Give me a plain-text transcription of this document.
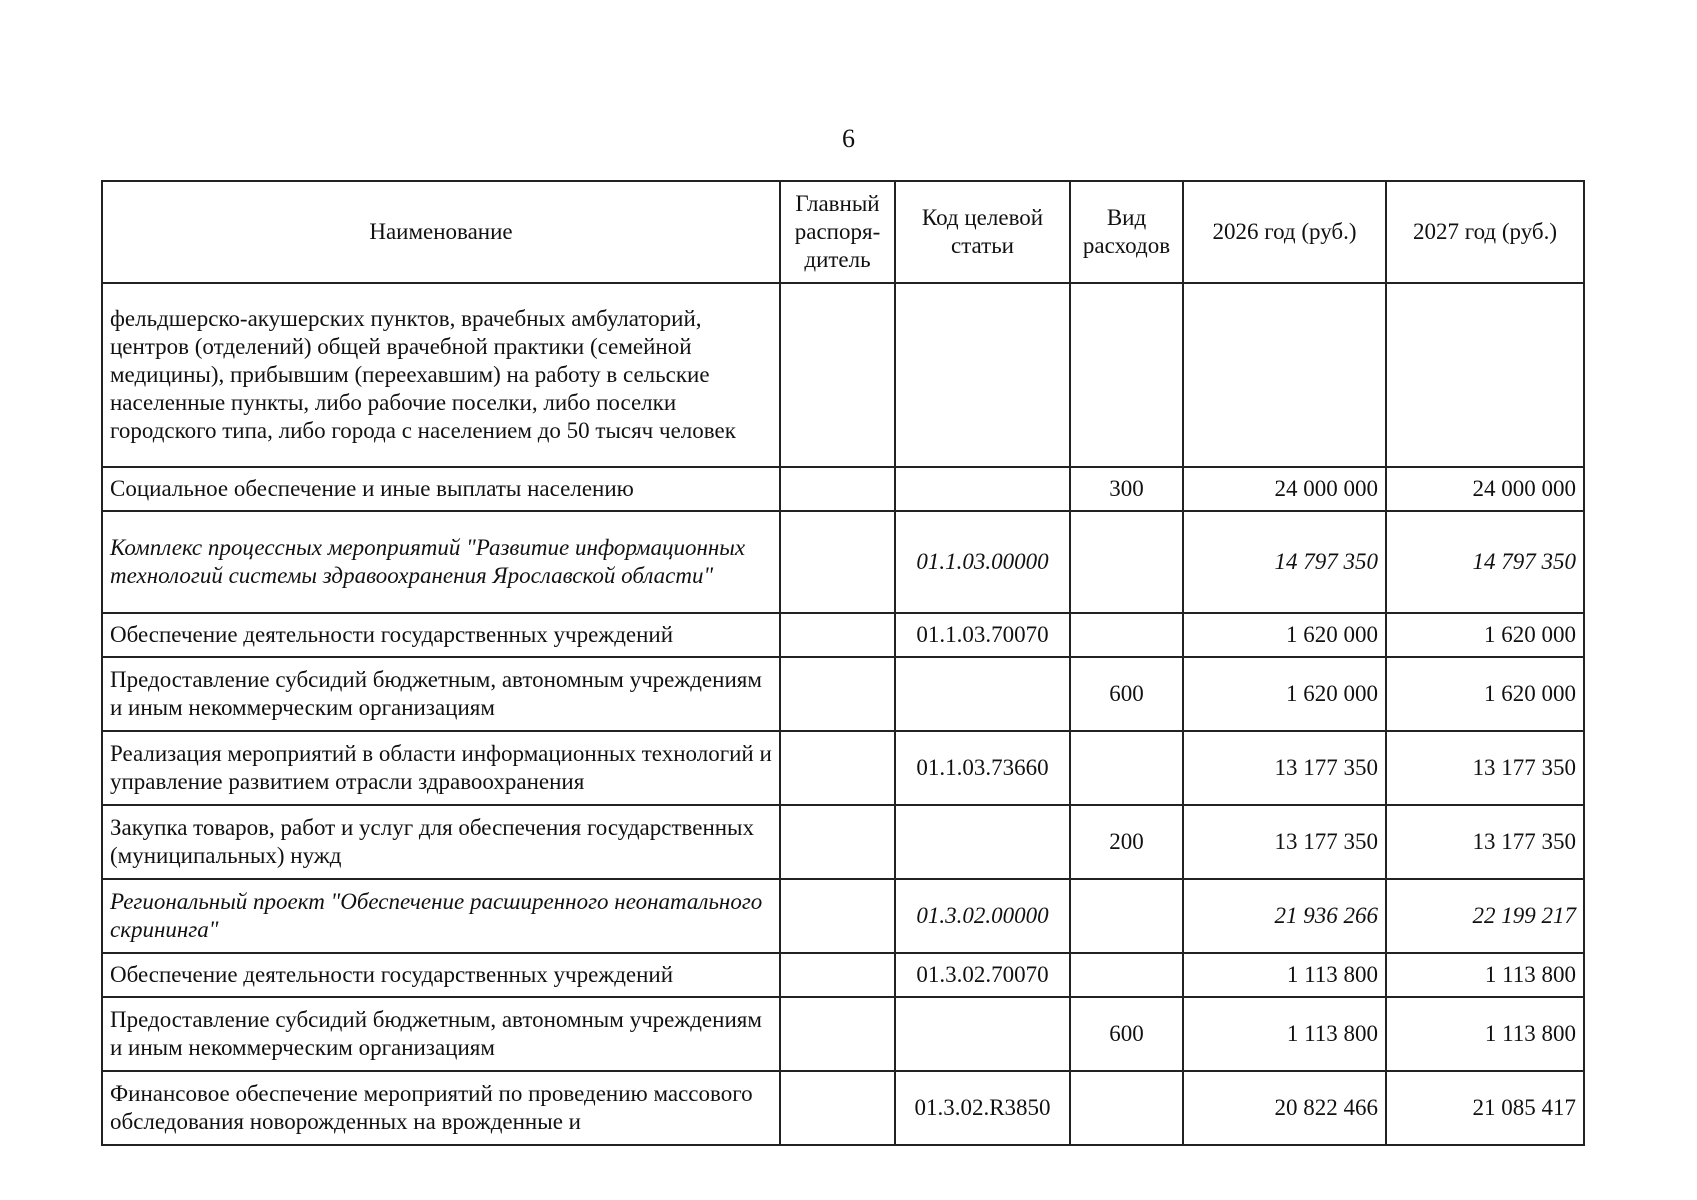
6
Наименование	Главный распоря-дитель	Код целевой статьи	Вид расходов	2026 год (руб.)	2027 год (руб.)
фельдшерско-акушерских пунктов, врачебных амбулаторий, центров (отделений) общей врачебной практики (семейной медицины), прибывшим (переехавшим) на работу в сельские населенные пункты, либо рабочие поселки, либо поселки городского типа, либо города с населением до 50 тысяч человек					
Социальное обеспечение и иные выплаты населению			300	24 000 000	24 000 000
Комплекс процессных мероприятий "Развитие информационных технологий системы здравоохранения Ярославской области"		01.1.03.00000		14 797 350	14 797 350
Обеспечение деятельности государственных учреждений		01.1.03.70070		1 620 000	1 620 000
Предоставление субсидий бюджетным, автономным учреждениям и иным некоммерческим организациям			600	1 620 000	1 620 000
Реализация мероприятий в области информационных технологий и управление развитием отрасли здравоохранения		01.1.03.73660		13 177 350	13 177 350
Закупка товаров, работ и услуг для обеспечения государственных (муниципальных) нужд			200	13 177 350	13 177 350
Региональный проект "Обеспечение расширенного неонатального скрининга"		01.3.02.00000		21 936 266	22 199 217
Обеспечение деятельности государственных учреждений		01.3.02.70070		1 113 800	1 113 800
Предоставление субсидий бюджетным, автономным учреждениям и иным некоммерческим организациям			600	1 113 800	1 113 800
Финансовое обеспечение мероприятий по проведению массового обследования новорожденных на врожденные и		01.3.02.R3850		20 822 466	21 085 417
